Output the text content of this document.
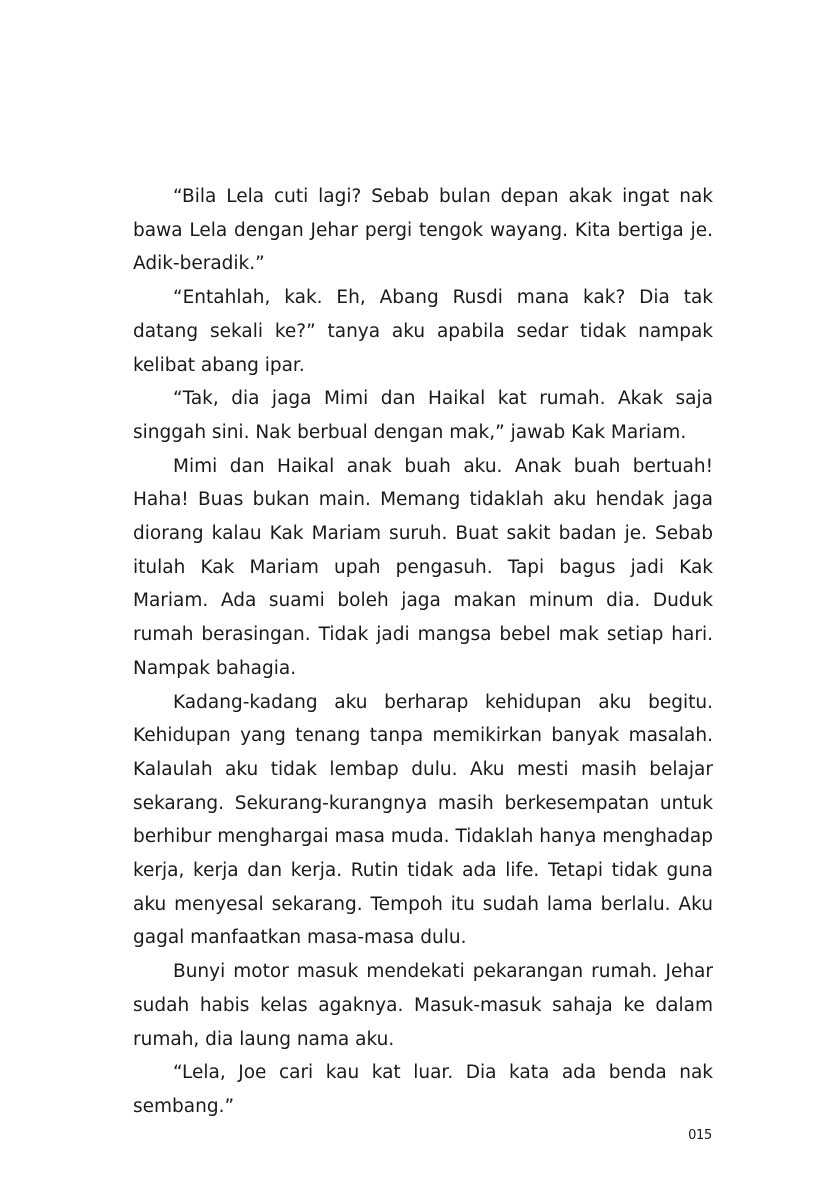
“Bila Lela cuti lagi? Sebab bulan depan akak ingat nak bawa Lela dengan Jehar pergi tengok wayang. Kita bertiga je. Adik-beradik.”

“Entahlah, kak. Eh, Abang Rusdi mana kak? Dia tak datang sekali ke?” tanya aku apabila sedar tidak nampak kelibat abang ipar.

“Tak, dia jaga Mimi dan Haikal kat rumah. Akak saja singgah sini. Nak berbual dengan mak,” jawab Kak Mariam.

Mimi dan Haikal anak buah aku. Anak buah bertuah! Haha! Buas bukan main. Memang tidaklah aku hendak jaga diorang kalau Kak Mariam suruh. Buat sakit badan je. Sebab itulah Kak Mariam upah pengasuh. Tapi bagus jadi Kak Mariam. Ada suami boleh jaga makan minum dia. Duduk rumah berasingan. Tidak jadi mangsa bebel mak setiap hari. Nampak bahagia.

Kadang-kadang aku berharap kehidupan aku begitu. Kehidupan yang tenang tanpa memikirkan banyak masalah. Kalaulah aku tidak lembap dulu. Aku mesti masih belajar sekarang. Sekurang-kurangnya masih berkesempatan untuk berhibur menghargai masa muda. Tidaklah hanya menghadap kerja, kerja dan kerja. Rutin tidak ada life. Tetapi tidak guna aku menyesal sekarang. Tempoh itu sudah lama berlalu. Aku gagal manfaatkan masa-masa dulu.

Bunyi motor masuk mendekati pekarangan rumah. Jehar sudah habis kelas agaknya. Masuk-masuk sahaja ke dalam rumah, dia laung nama aku.

“Lela, Joe cari kau kat luar. Dia kata ada benda nak sembang.”

015
